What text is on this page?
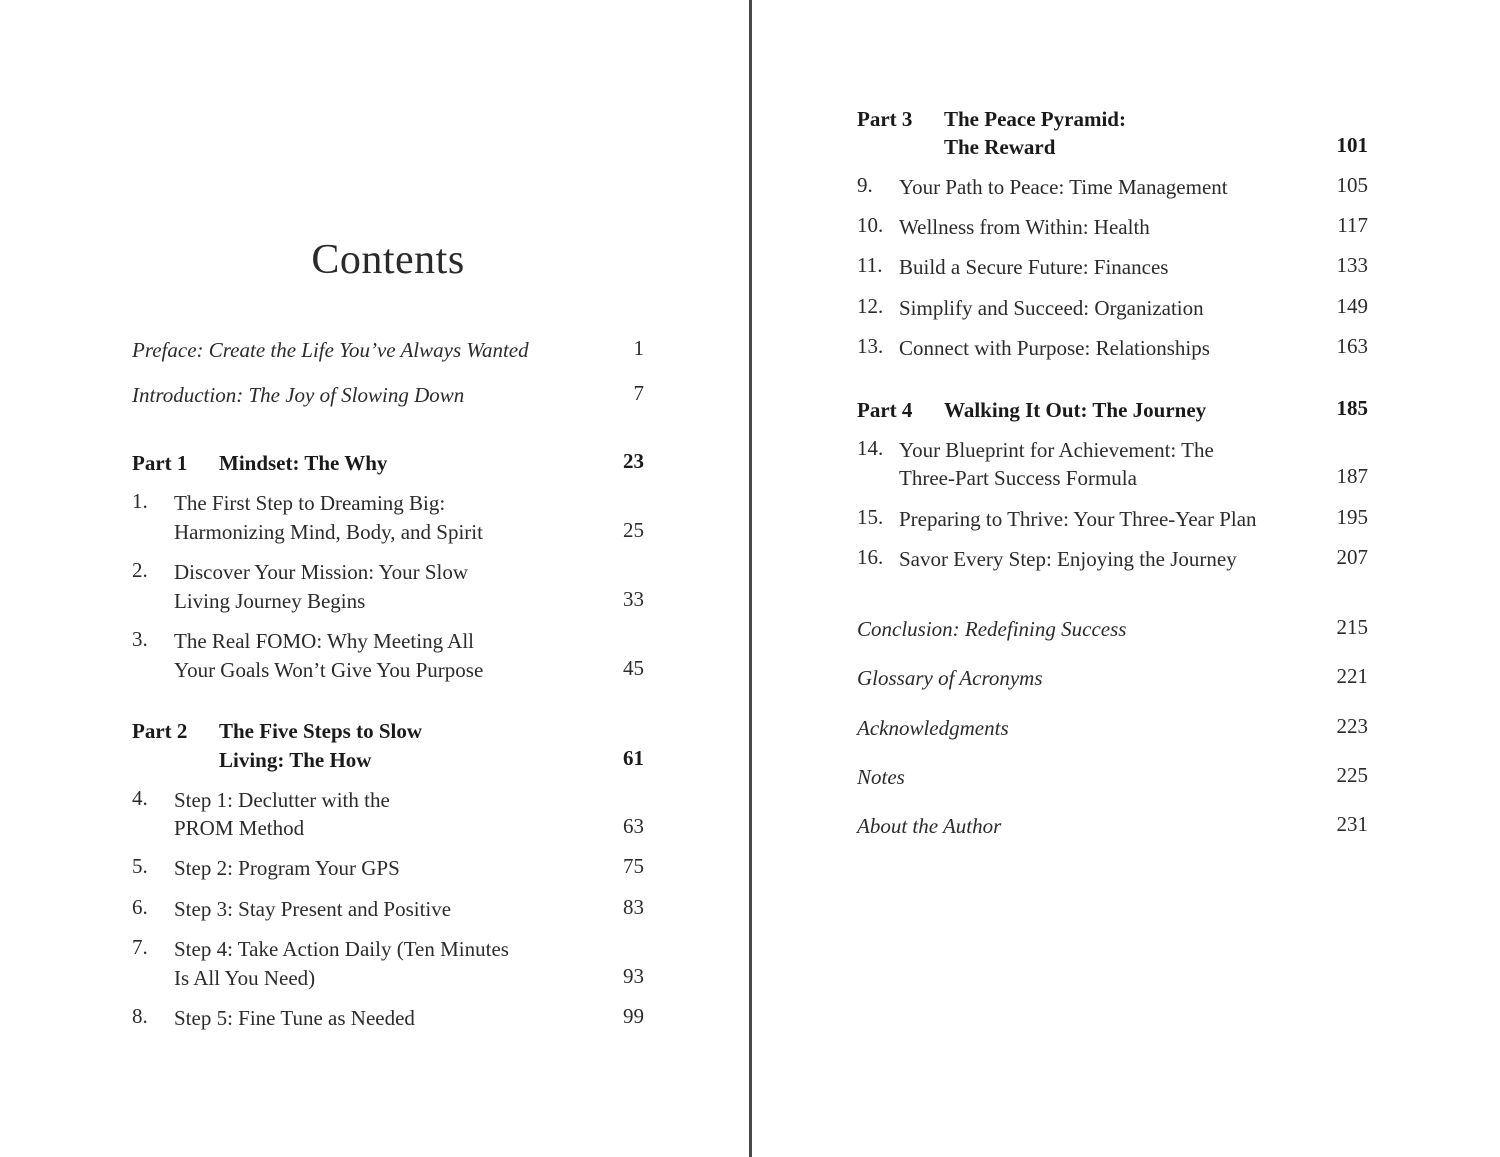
Contents
Preface: Create the Life You’ve Always Wanted	1
Introduction: The Joy of Slowing Down	7
Part 1 Mindset: The Why	23
1. The First Step to Dreaming Big:
Harmonizing Mind, Body, and Spirit	25
2. Discover Your Mission: Your Slow
Living Journey Begins	33
3. The Real FOMO: Why Meeting All
Your Goals Won’t Give You Purpose	45
Part 2 The Five Steps to Slow
Living: The How	61
4. Step 1: Declutter with the
PROM Method	63
5. Step 2: Program Your GPS	75
6. Step 3: Stay Present and Positive	83
7. Step 4: Take Action Daily (Ten Minutes
Is All You Need)	93
8. Step 5: Fine Tune as Needed	99
Part 3 The Peace Pyramid:
The Reward	101
9. Your Path to Peace: Time Management	105
10. Wellness from Within: Health	117
11. Build a Secure Future: Finances	133
12. Simplify and Succeed: Organization	149
13. Connect with Purpose: Relationships	163
Part 4 Walking It Out: The Journey	185
14. Your Blueprint for Achievement: The
Three-Part Success Formula	187
15. Preparing to Thrive: Your Three-Year Plan	195
16. Savor Every Step: Enjoying the Journey	207
Conclusion: Redefining Success	215
Glossary of Acronyms	221
Acknowledgments	223
Notes	225
About the Author	231
